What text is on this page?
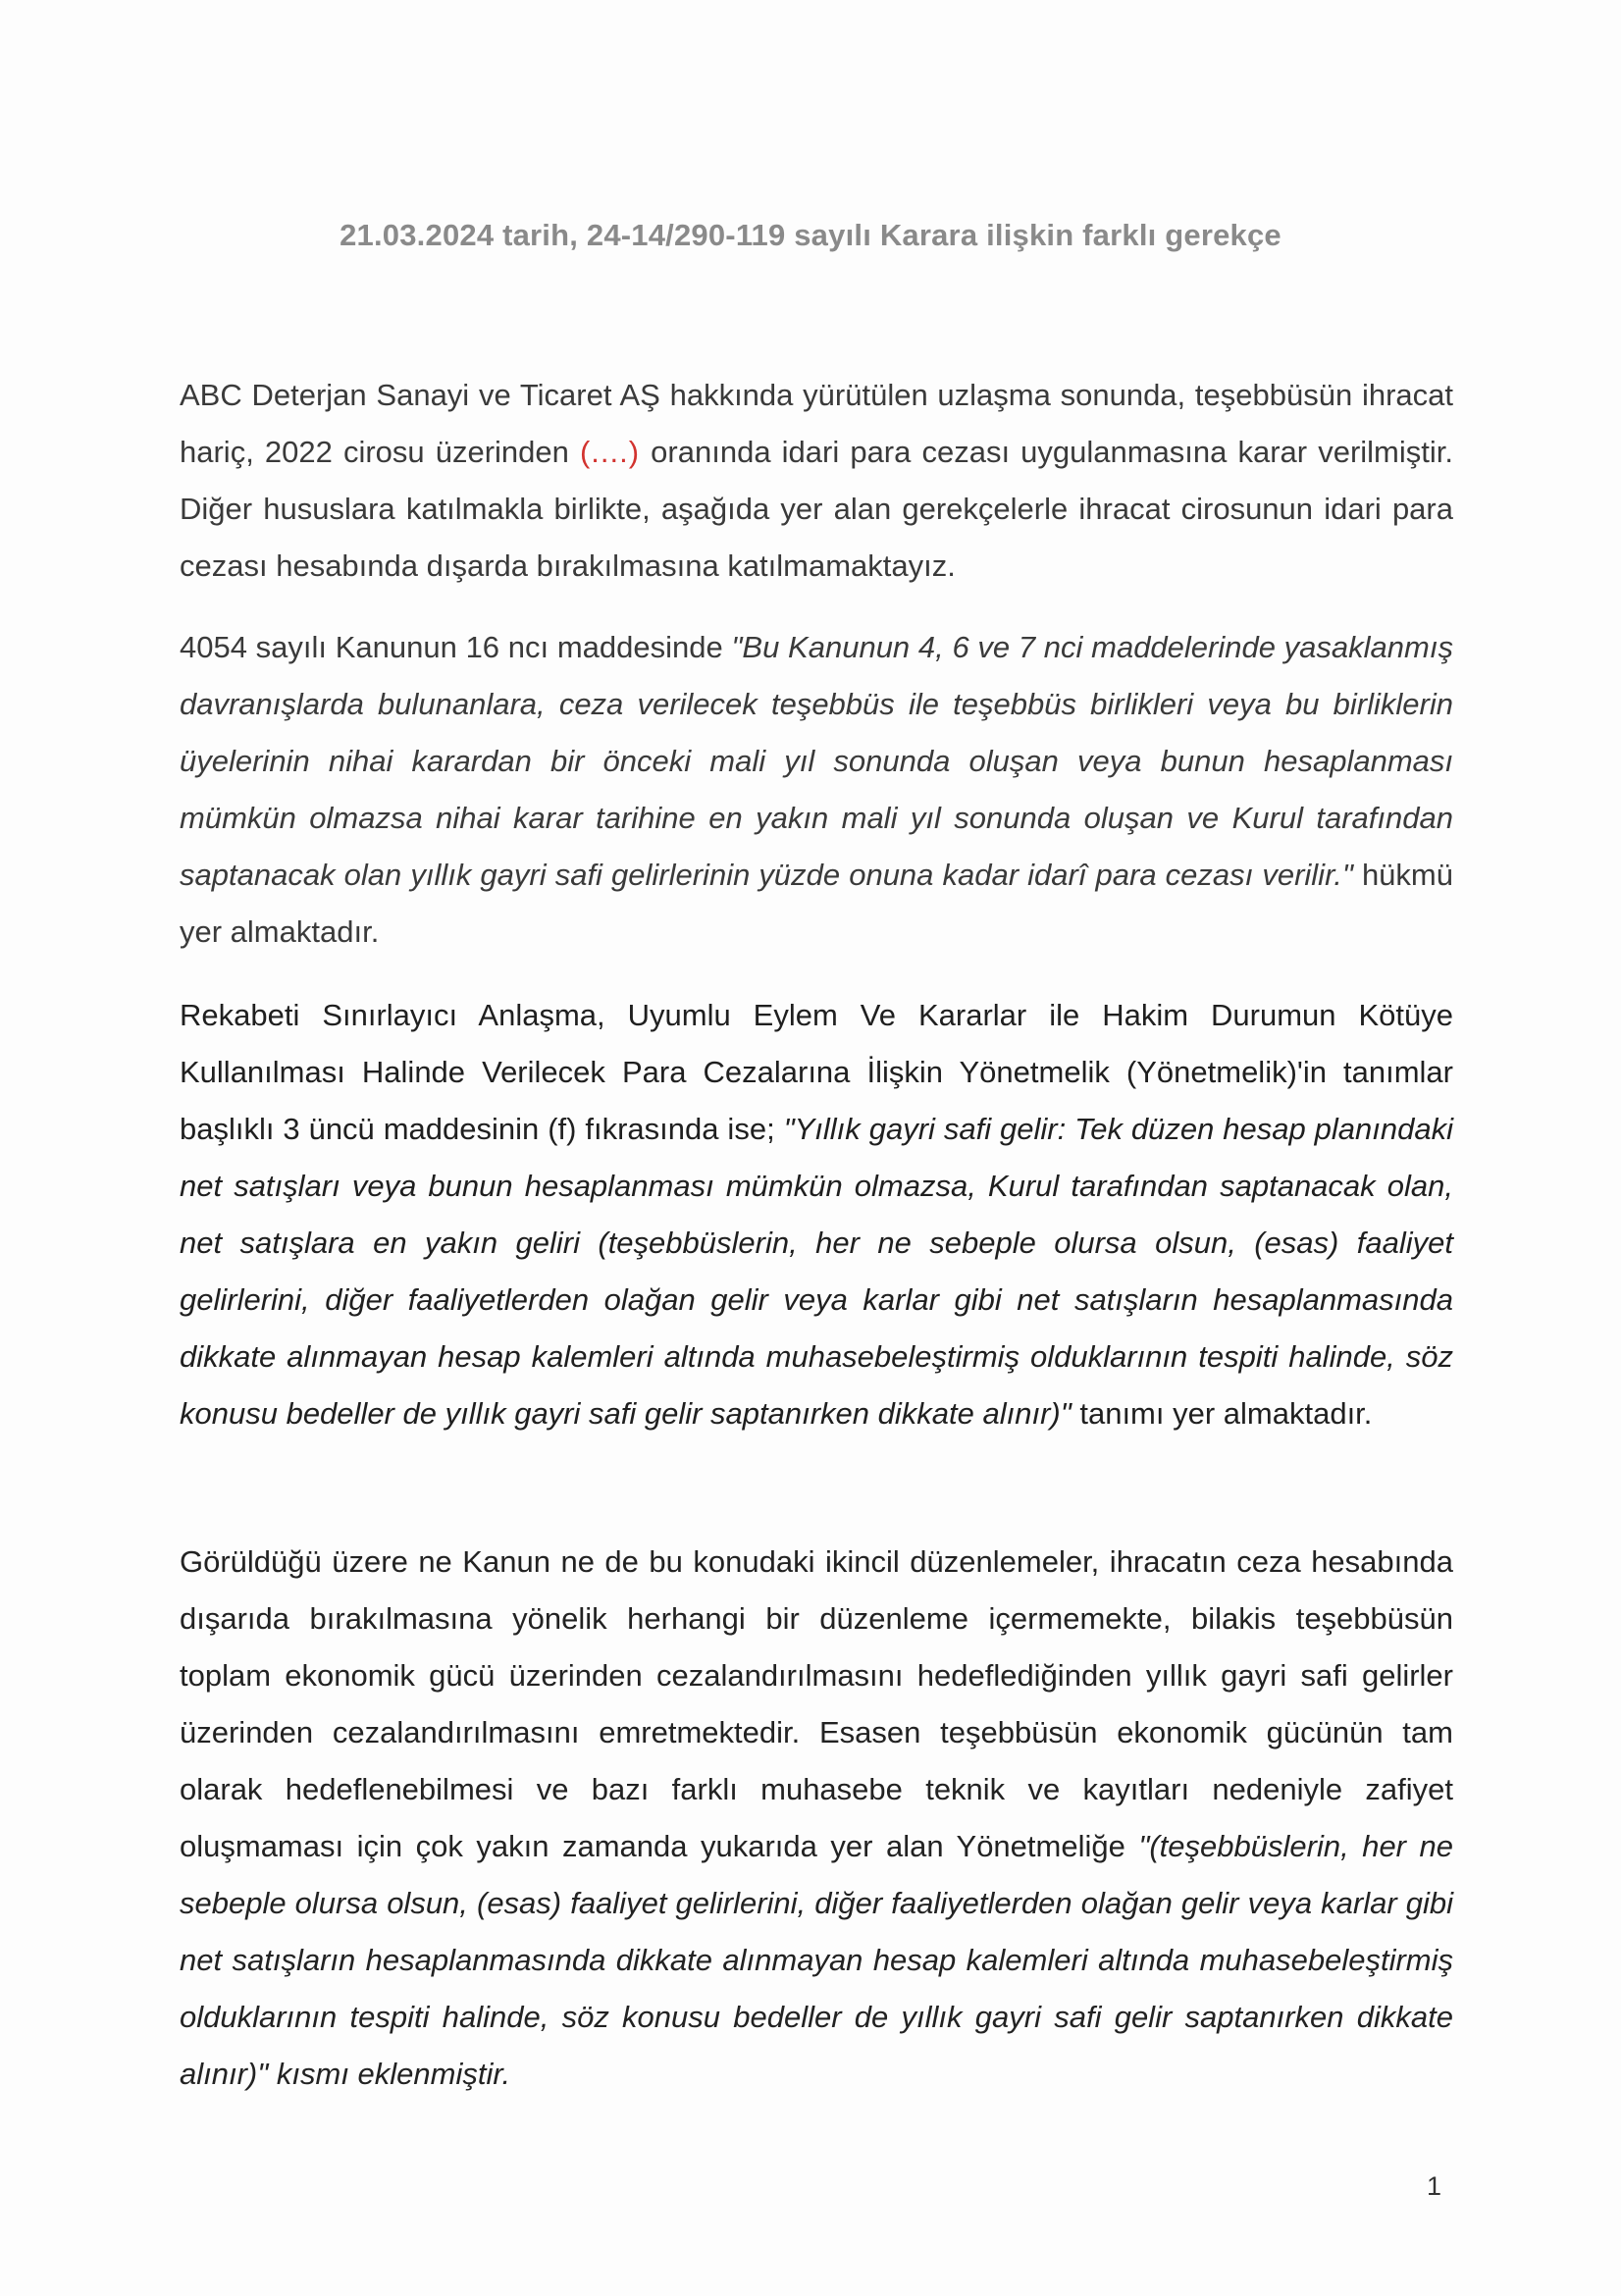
21.03.2024 tarih, 24-14/290-119 sayılı Karara ilişkin farklı gerekçe

ABC Deterjan Sanayi ve Ticaret AŞ hakkında yürütülen uzlaşma sonunda, teşebbüsün ihracat hariç, 2022 cirosu üzerinden (....) oranında idari para cezası uygulanmasına karar verilmiştir. Diğer hususlara katılmakla birlikte, aşağıda yer alan gerekçelerle ihracat cirosunun idari para cezası hesabında dışarda bırakılmasına katılmamaktayız.

4054 sayılı Kanunun 16 ncı maddesinde "Bu Kanunun 4, 6 ve 7 nci maddelerinde yasaklanmış davranışlarda bulunanlara, ceza verilecek teşebbüs ile teşebbüs birlikleri veya bu birliklerin üyelerinin nihai karardan bir önceki mali yıl sonunda oluşan veya bunun hesaplanması mümkün olmazsa nihai karar tarihine en yakın mali yıl sonunda oluşan ve Kurul tarafından saptanacak olan yıllık gayri safi gelirlerinin yüzde onuna kadar idarî para cezası verilir." hükmü yer almaktadır.

Rekabeti Sınırlayıcı Anlaşma, Uyumlu Eylem Ve Kararlar ile Hakim Durumun Kötüye Kullanılması Halinde Verilecek Para Cezalarına İlişkin Yönetmelik (Yönetmelik)'in tanımlar başlıklı 3 üncü maddesinin (f) fıkrasında ise; "Yıllık gayri safi gelir: Tek düzen hesap planındaki net satışları veya bunun hesaplanması mümkün olmazsa, Kurul tarafından saptanacak olan, net satışlara en yakın geliri (teşebbüslerin, her ne sebeple olursa olsun, (esas) faaliyet gelirlerini, diğer faaliyetlerden olağan gelir veya karlar gibi net satışların hesaplanmasında dikkate alınmayan hesap kalemleri altında muhasebeleştirmiş olduklarının tespiti halinde, söz konusu bedeller de yıllık gayri safi gelir saptanırken dikkate alınır)" tanımı yer almaktadır.

Görüldüğü üzere ne Kanun ne de bu konudaki ikincil düzenlemeler, ihracatın ceza hesabında dışarıda bırakılmasına yönelik herhangi bir düzenleme içermemekte, bilakis teşebbüsün toplam ekonomik gücü üzerinden cezalandırılmasını hedeflediğinden yıllık gayri safi gelirler üzerinden cezalandırılmasını emretmektedir. Esasen teşebbüsün ekonomik gücünün tam olarak hedeflenebilmesi ve bazı farklı muhasebe teknik ve kayıtları nedeniyle zafiyet oluşmaması için çok yakın zamanda yukarıda yer alan Yönetmeliğe "(teşebbüslerin, her ne sebeple olursa olsun, (esas) faaliyet gelirlerini, diğer faaliyetlerden olağan gelir veya karlar gibi net satışların hesaplanmasında dikkate alınmayan hesap kalemleri altında muhasebeleştirmiş olduklarının tespiti halinde, söz konusu bedeller de yıllık gayri safi gelir saptanırken dikkate alınır)" kısmı eklenmiştir.

1
